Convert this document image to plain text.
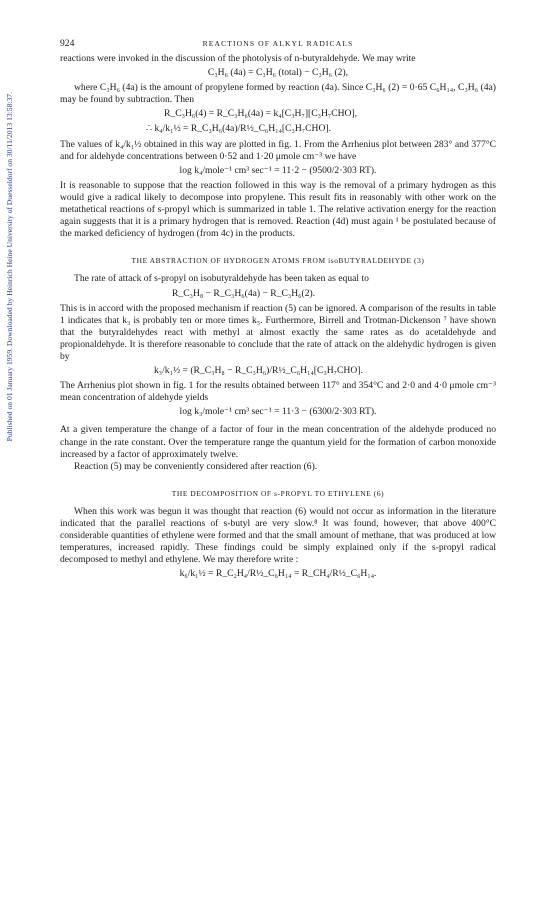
Published on 01 January 1959. Downloaded by Heinrich Heine University of Duesseldorf on 30/11/2013 13:58:37.
924	REACTIONS OF ALKYL RADICALS

reactions were invoked in the discussion of the photolysis of n-butyraldehyde. We may write

C₃H₆ (4a) = C₃H₆ (total) − C₃H₆ (2),

where C₃H₆ (4a) is the amount of propylene formed by reaction (4a). Since C₃H₆ (2) = 0·65 C₆H₁₄, C₃H₆ (4a) may be found by subtraction. Then

R_C₃H₆(4) = R_C₃H₆(4a) = k₄[C₃H₇][C₃H₇CHO],
∴ k₄/k₁½ = R_C₃H₆(4a)/R½_C₆H₁₄[C₃H₇CHO].

The values of k₄/k₁½ obtained in this way are plotted in fig. 1. From the Arrhenius plot between 283° and 377°C and for aldehyde concentrations between 0·52 and 1·20 μmole cm⁻³ we have

log k₄/mole⁻¹ cm³ sec⁻¹ = 11·2 − (9500/2·303 RT).

It is reasonable to suppose that the reaction followed in this way is the removal of a primary hydrogen as this would give a radical likely to decompose into propylene. This result fits in reasonably with other work on the metathetical reactions of s-propyl which is summarized in table 1. The relative activation energy for the reaction again suggests that it is a primary hydrogen that is removed. Reaction (4d) must again ¹ be postulated because of the marked deficiency of hydrogen (from 4c) in the products.

THE ABSTRACTION OF HYDROGEN ATOMS FROM isoBUTYRALDEHYDE (3)

The rate of attack of s-propyl on isobutyraldehyde has been taken as equal to

R_C₃H₈ − R_C₃H₆(4a) − R_C₃H₆(2).

This is in accord with the proposed mechanism if reaction (5) can be ignored. A comparison of the results in table 1 indicates that k₃ is probably ten or more times k₅. Furthermore, Birrell and Trotman-Dickenson ⁷ have shown that the butyraldehydes react with methyl at almost exactly the same rates as do acetaldehyde and propionaldehyde. It is therefore reasonable to conclude that the rate of attack on the aldehydic hydrogen is given by

k₃/k₁½ = (R_C₃H₈ − R_C₃H₆)/R½_C₆H₁₄[C₃H₇CHO].

The Arrhenius plot shown in fig. 1 for the results obtained between 117° and 354°C and 2·0 and 4·0 μmole cm⁻³ mean concentration of aldehyde yields

log k₃/mole⁻¹ cm³ sec⁻¹ = 11·3 − (6300/2·303 RT).

At a given temperature the change of a factor of four in the mean concentration of the aldehyde produced no change in the rate constant. Over the temperature range the quantum yield for the formation of carbon monoxide increased by a factor of approximately twelve.

Reaction (5) may be conveniently considered after reaction (6).

THE DECOMPOSITION OF s-PROPYL TO ETHYLENE (6)

When this work was begun it was thought that reaction (6) would not occur as information in the literature indicated that the parallel reactions of s-butyl are very slow.⁸ It was found, however, that above 400°C considerable quantities of ethylene were formed and that the small amount of methane, that was produced at low temperatures, increased rapidly. These findings could be simply explained only if the s-propyl radical decomposed to methyl and ethylene. We may therefore write :

k₆/k₁½ = R_C₂H₄/R½_C₆H₁₄ = R_CH₄/R½_C₆H₁₄.
